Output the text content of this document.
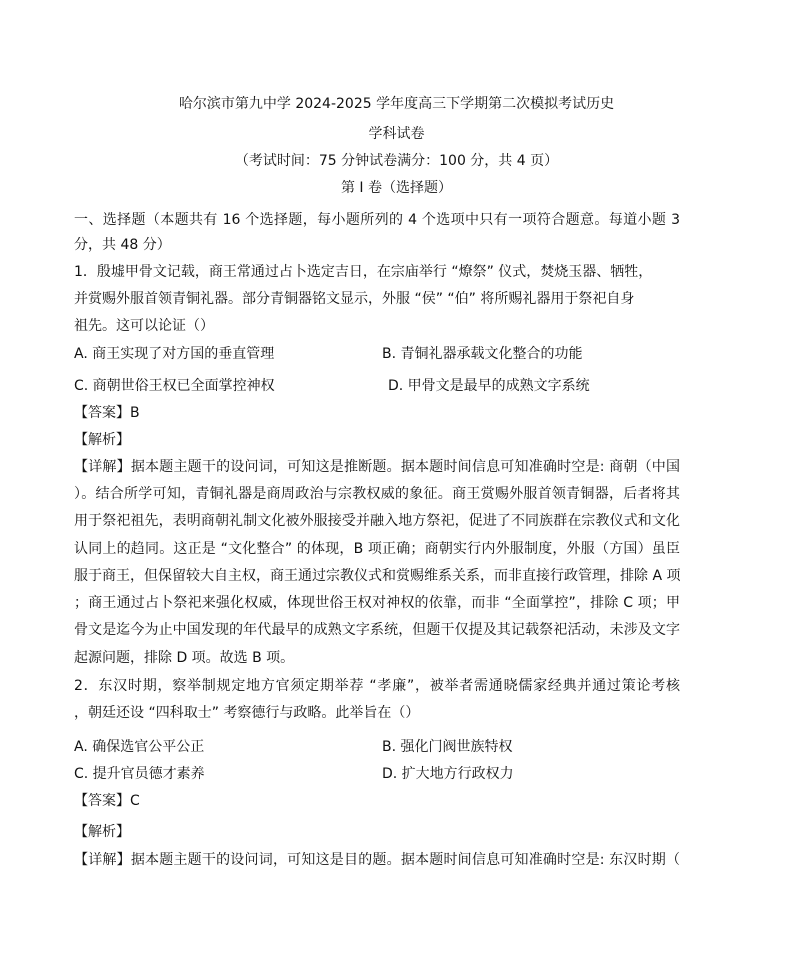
哈尔滨市第九中学 2024-2025 学年度高三下学期第二次模拟考试历史
学科试卷
（考试时间：75 分钟试卷满分：100 分，共 4 页）
第 I 卷（选择题）
一、选择题（本题共有 16 个选择题，每小题所列的 4 个选项中只有一项符合题意。每道小题 3
分，共 48 分）
1．殷墟甲骨文记载，商王常通过占卜选定吉日，在宗庙举行 “燎祭” 仪式，焚烧玉器、牺牲，
并赏赐外服首领青铜礼器。部分青铜器铭文显示，外服 “侯” “伯” 将所赐礼器用于祭祀自身
祖先。这可以论证（）
A. 商王实现了对方国的垂直管理	B. 青铜礼器承载文化整合的功能
C. 商朝世俗王权已全面掌控神权	D. 甲骨文是最早的成熟文字系统
【答案】B
【解析】
【详解】据本题主题干的设问词，可知这是推断题。据本题时间信息可知准确时空是: 商朝（中国
）。结合所学可知，青铜礼器是商周政治与宗教权威的象征。商王赏赐外服首领青铜器，后者将其
用于祭祀祖先，表明商朝礼制文化被外服接受并融入地方祭祀，促进了不同族群在宗教仪式和文化
认同上的趋同。这正是 “文化整合” 的体现，B 项正确；商朝实行内外服制度，外服（方国）虽臣
服于商王，但保留较大自主权，商王通过宗教仪式和赏赐维系关系，而非直接行政管理，排除 A 项
；商王通过占卜祭祀来强化权威，体现世俗王权对神权的依靠，而非 “全面掌控”，排除 C 项；甲
骨文是迄今为止中国发现的年代最早的成熟文字系统，但题干仅提及其记载祭祀活动，未涉及文字
起源问题，排除 D 项。故选 B 项。
2．东汉时期，察举制规定地方官须定期举荐 “孝廉”，被举者需通晓儒家经典并通过策论考核
，朝廷还设 “四科取士” 考察德行与政略。此举旨在（）
A. 确保选官公平公正	B. 强化门阀世族特权
C. 提升官员德才素养	D. 扩大地方行政权力
【答案】C
【解析】
【详解】据本题主题干的设问词，可知这是目的题。据本题时间信息可知准确时空是: 东汉时期（
